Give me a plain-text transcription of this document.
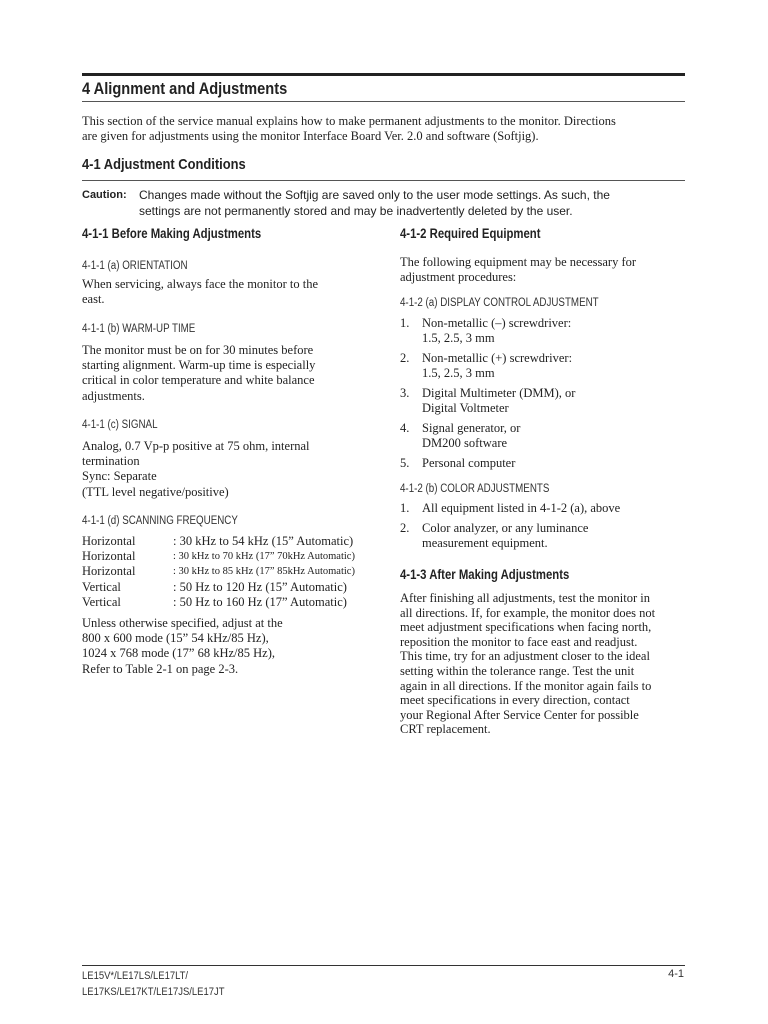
4 Alignment and Adjustments

This section of the service manual explains how to make permanent adjustments to the monitor. Directions
are given for adjustments using the monitor Interface Board Ver. 2.0 and software (Softjig).

4-1 Adjustment Conditions
Caution: Changes made without the Softjig are saved only to the user mode settings. As such, the
settings are not permanently stored and may be inadvertently deleted by the user.
4-1-1 Before Making Adjustments
4-1-1 (a) ORIENTATION

When servicing, always face the monitor to the
east.

4-1-1 (b) WARM-UP TIME

The monitor must be on for 30 minutes before
starting alignment. Warm-up time is especially
critical in color temperature and white balance
adjustments.

4-1-1 (c) SIGNAL

Analog, 0.7 Vp-p positive at 75 ohm, internal
termination
Sync: Separate
(TTL level negative/positive)

4-1-1 (d) SCANNING FREQUENCY
Horizontal	: 30 kHz to 54 kHz (15” Automatic)
Horizontal	: 30 kHz to 70 kHz (17” 70kHz Automatic)
Horizontal	: 30 kHz to 85 kHz (17” 85kHz Automatic)
Vertical	: 50 Hz to 120 Hz (15” Automatic)
Vertical	: 50 Hz to 160 Hz (17” Automatic)

Unless otherwise specified, adjust at the
800 x 600 mode (15” 54 kHz/85 Hz),
1024 x 768 mode (17” 68 kHz/85 Hz),
Refer to Table 2-1 on page 2-3.

4-1-2 Required Equipment

The following equipment may be necessary for
adjustment procedures:

4-1-2 (a) DISPLAY CONTROL ADJUSTMENT
1. Non-metallic (–) screwdriver:
1.5, 2.5, 3 mm
2. Non-metallic (+) screwdriver:
1.5, 2.5, 3 mm
3. Digital Multimeter (DMM), or
Digital Voltmeter
4. Signal generator, or
DM200 software
5. Personal computer
4-1-2 (b) COLOR ADJUSTMENTS
1. All equipment listed in 4-1-2 (a), above
2. Color analyzer, or any luminance
measurement equipment.
4-1-3 After Making Adjustments

After finishing all adjustments, test the monitor in
all directions. If, for example, the monitor does not
meet adjustment specifications when facing north,
reposition the monitor to face east and readjust.
This time, try for an adjustment closer to the ideal
setting within the tolerance range. Test the unit
again in all directions. If the monitor again fails to
meet specifications in every direction, contact
your Regional After Service Center for possible
CRT replacement.

LE15V*/LE17LS/LE17LT/
LE17KS/LE17KT/LE17JS/LE17JT
4-1
